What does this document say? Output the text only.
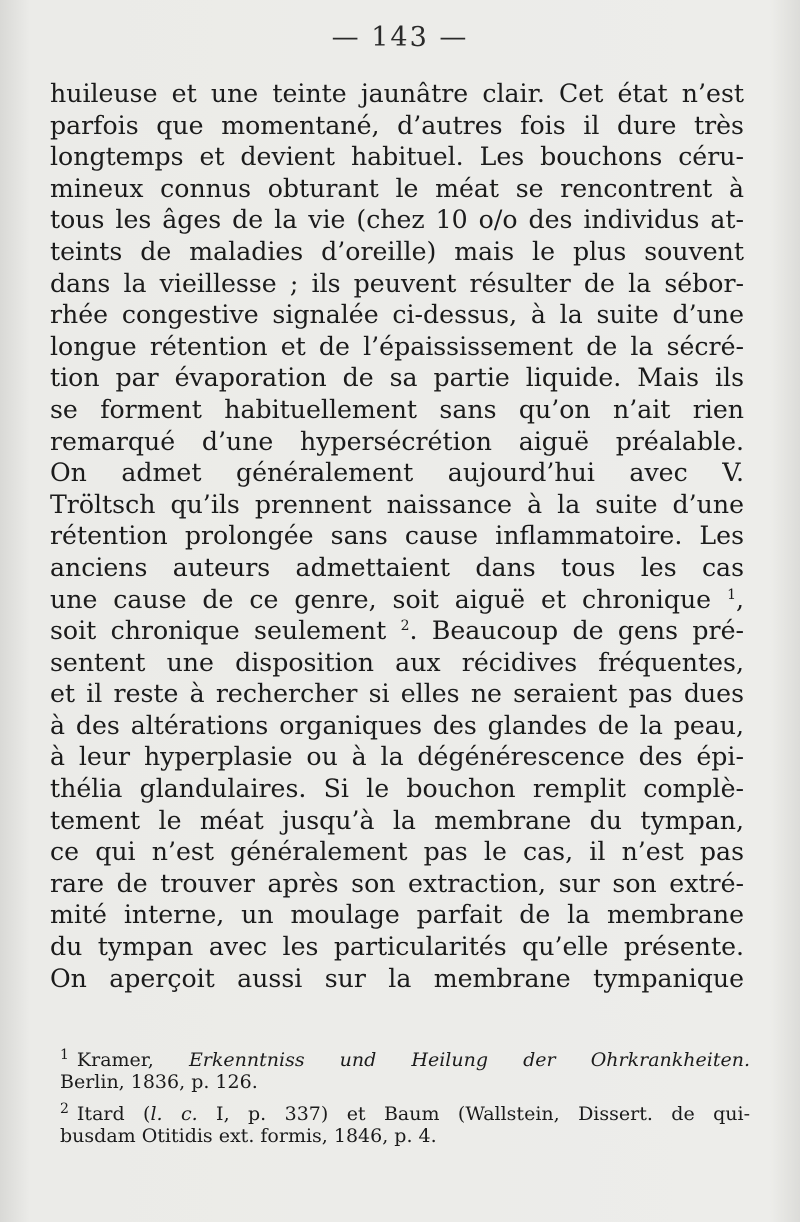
— 143 —
huileuse et une teinte jaunâtre clair. Cet état n’est
parfois que momentané, d’autres fois il dure très
longtemps et devient habituel. Les bouchons céru-
mineux connus obturant le méat se rencontrent à
tous les âges de la vie (chez 10 o/o des individus at-
teints de maladies d’oreille) mais le plus souvent
dans la vieillesse ; ils peuvent résulter de la sébor-
rhée congestive signalée ci-dessus, à la suite d’une
longue rétention et de l’épaississement de la sécré-
tion par évaporation de sa partie liquide. Mais ils
se forment habituellement sans qu’on n’ait rien
remarqué d’une hypersécrétion aiguë préalable.
On admet généralement aujourd’hui avec V.
Tröltsch qu’ils prennent naissance à la suite d’une
rétention prolongée sans cause inflammatoire. Les
anciens auteurs admettaient dans tous les cas
une cause de ce genre, soit aiguë et chronique $^1$,
soit chronique seulement $^2$. Beaucoup de gens pré-
sentent une disposition aux récidives fréquentes,
et il reste à rechercher si elles ne seraient pas dues
à des altérations organiques des glandes de la peau,
à leur hyperplasie ou à la dégénérescence des épi-
thélia glandulaires. Si le bouchon remplit complè-
tement le méat jusqu’à la membrane du tympan,
ce qui n’est généralement pas le cas, il n’est pas
rare de trouver après son extraction, sur son extré-
mité interne, un moulage parfait de la membrane
du tympan avec les particularités qu’elle présente.
On aperçoit aussi sur la membrane tympanique
$^1$ Kramer, Erkenntniss und Heilung der Ohrkrankheiten.
Berlin, 1836, p. 126.
$^2$ Itard (l. c. I, p. 337) et Baum (Wallstein, Dissert. de qui-
busdam Otitidis ext. formis, 1846, p. 4.
